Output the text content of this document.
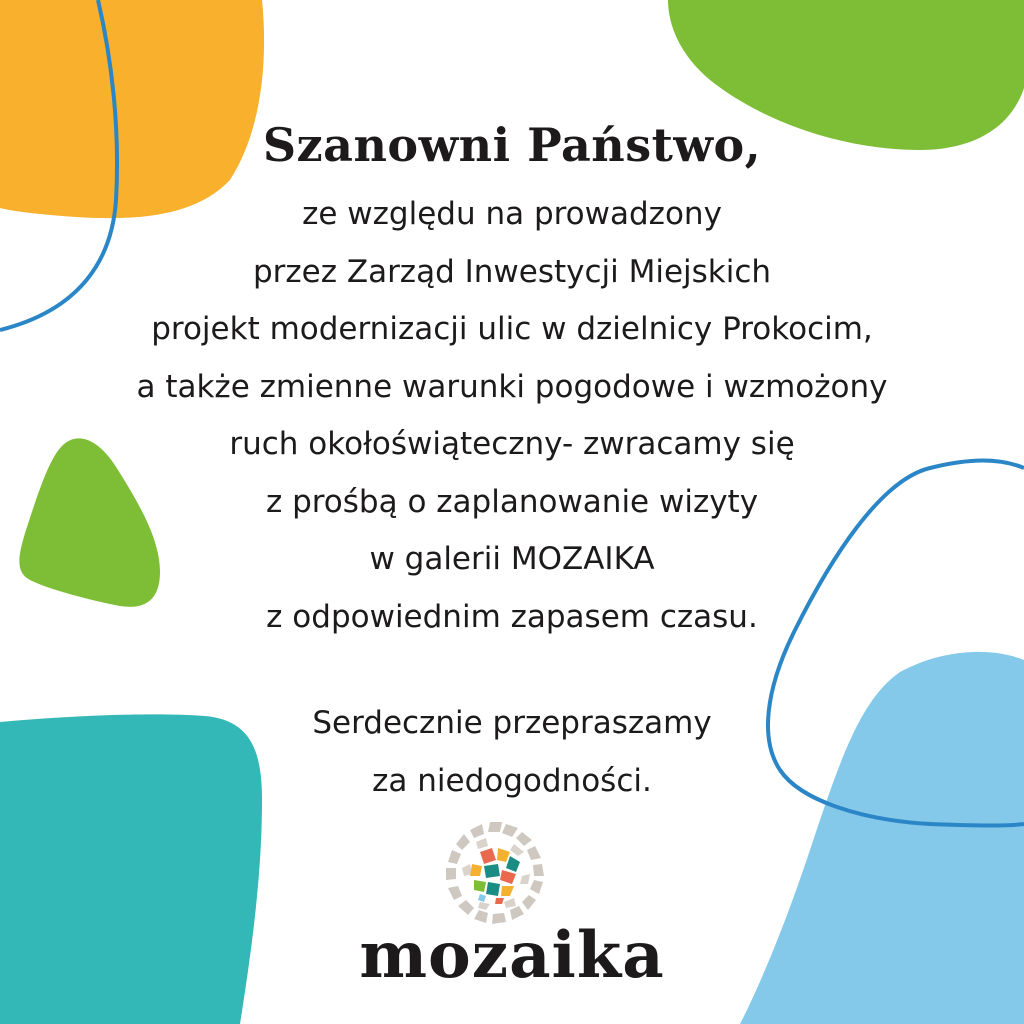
Szanowni Państwo,
ze względu na prowadzony
przez Zarząd Inwestycji Miejskich
projekt modernizacji ulic w dzielnicy Prokocim,
a także zmienne warunki pogodowe i wzmożony
ruch okołoświąteczny- zwracamy się
z prośbą o zaplanowanie wizyty
w galerii MOZAIKA
z odpowiednim zapasem czasu.
Serdecznie przepraszamy
za niedogodności.
mozaika
